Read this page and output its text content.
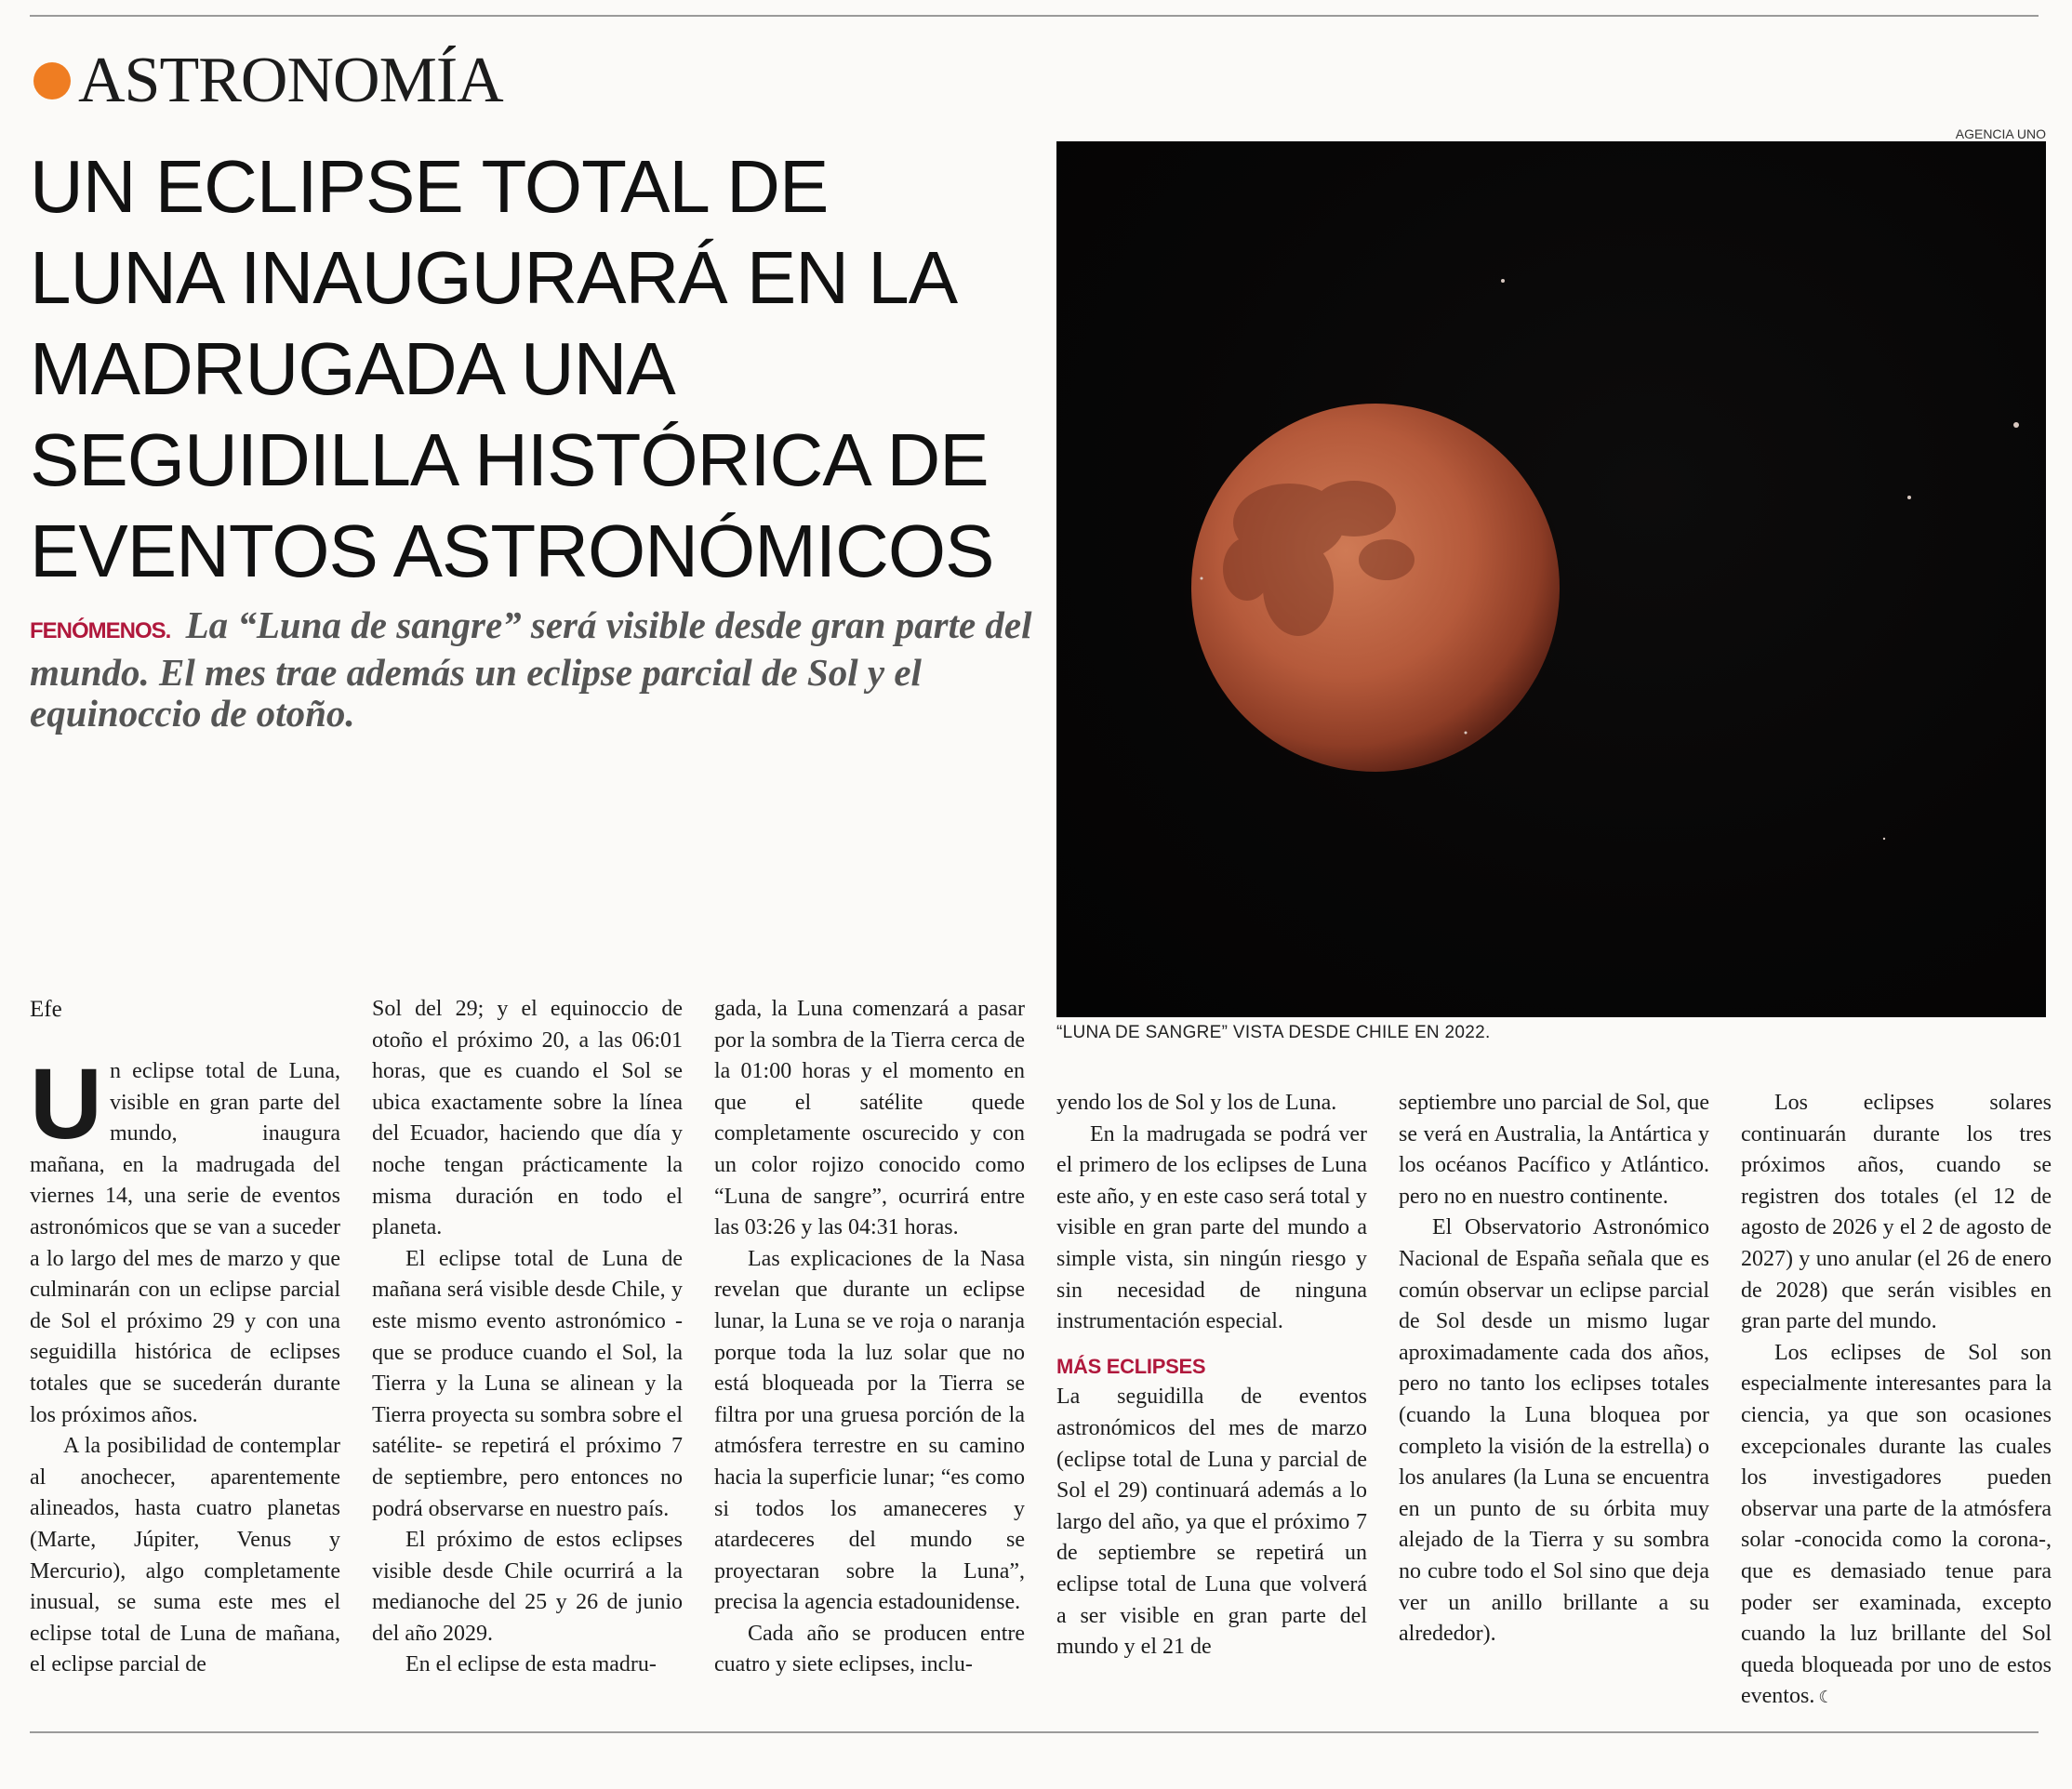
ASTRONOMÍA
UN ECLIPSE TOTAL DE LUNA INAUGURARÁ EN LA MADRUGADA UNA SEGUIDILLA HISTÓRICA DE EVENTOS ASTRONÓMICOS

FENÓMENOS. La “Luna de sangre” será visible desde gran parte del mundo. El mes trae además un eclipse parcial de Sol y el equinoccio de otoño.

AGENCIA UNO
“LUNA DE SANGRE” VISTA DESDE CHILE EN 2022.
Efe

Un eclipse total de Luna, visible en gran parte del mundo, inaugura mañana, en la madrugada del viernes 14, una serie de eventos astronómicos que se van a suceder a lo largo del mes de marzo y que culminarán con un eclipse parcial de Sol el próximo 29 y con una seguidilla histórica de eclipses totales que se sucederán durante los próximos años.

A la posibilidad de contemplar al anochecer, aparentemente alineados, hasta cuatro planetas (Marte, Júpiter, Venus y Mercurio), algo completamente inusual, se suma este mes el eclipse total de Luna de mañana, el eclipse parcial de

Sol del 29; y el equinoccio de otoño el próximo 20, a las 06:01 horas, que es cuando el Sol se ubica exactamente sobre la línea del Ecuador, haciendo que día y noche tengan prácticamente la misma duración en todo el planeta.

El eclipse total de Luna de mañana será visible desde Chile, y este mismo evento astronómico -que se produce cuando el Sol, la Tierra y la Luna se alinean y la Tierra proyecta su sombra sobre el satélite- se repetirá el próximo 7 de septiembre, pero entonces no podrá observarse en nuestro país.

El próximo de estos eclipses visible desde Chile ocurrirá a la medianoche del 25 y 26 de junio del año 2029.

En el eclipse de esta madru-

gada, la Luna comenzará a pasar por la sombra de la Tierra cerca de la 01:00 horas y el momento en que el satélite quede completamente oscurecido y con un color rojizo conocido como “Luna de sangre”, ocurrirá entre las 03:26 y las 04:31 horas.

Las explicaciones de la Nasa revelan que durante un eclipse lunar, la Luna se ve roja o naranja porque toda la luz solar que no está bloqueada por la Tierra se filtra por una gruesa porción de la atmósfera terrestre en su camino hacia la superficie lunar; “es como si todos los amaneceres y atardeceres del mundo se proyectaran sobre la Luna”, precisa la agencia estadounidense.

Cada año se producen entre cuatro y siete eclipses, inclu-

yendo los de Sol y los de Luna.

En la madrugada se podrá ver el primero de los eclipses de Luna este año, y en este caso será total y visible en gran parte del mundo a simple vista, sin ningún riesgo y sin necesidad de ninguna instrumentación especial.

MÁS ECLIPSES

La seguidilla de eventos astronómicos del mes de marzo (eclipse total de Luna y parcial de Sol el 29) continuará además a lo largo del año, ya que el próximo 7 de septiembre se repetirá un eclipse total de Luna que volverá a ser visible en gran parte del mundo y el 21 de

septiembre uno parcial de Sol, que se verá en Australia, la Antártica y los océanos Pacífico y Atlántico. pero no en nuestro continente.

El Observatorio Astronómico Nacional de España señala que es común observar un eclipse parcial de Sol desde un mismo lugar aproximadamente cada dos años, pero no tanto los eclipses totales (cuando la Luna bloquea por completo la visión de la estrella) o los anulares (la Luna se encuentra en un punto de su órbita muy alejado de la Tierra y su sombra no cubre todo el Sol sino que deja ver un anillo brillante a su alrededor).

Los eclipses solares continuarán durante los tres próximos años, cuando se registren dos totales (el 12 de agosto de 2026 y el 2 de agosto de 2027) y uno anular (el 26 de enero de 2028) que serán visibles en gran parte del mundo.

Los eclipses de Sol son especialmente interesantes para la ciencia, ya que son ocasiones excepcionales durante las cuales los investigadores pueden observar una parte de la atmósfera solar -conocida como la corona-, que es demasiado tenue para poder ser examinada, excepto cuando la luz brillante del Sol queda bloqueada por uno de estos eventos. ☾
